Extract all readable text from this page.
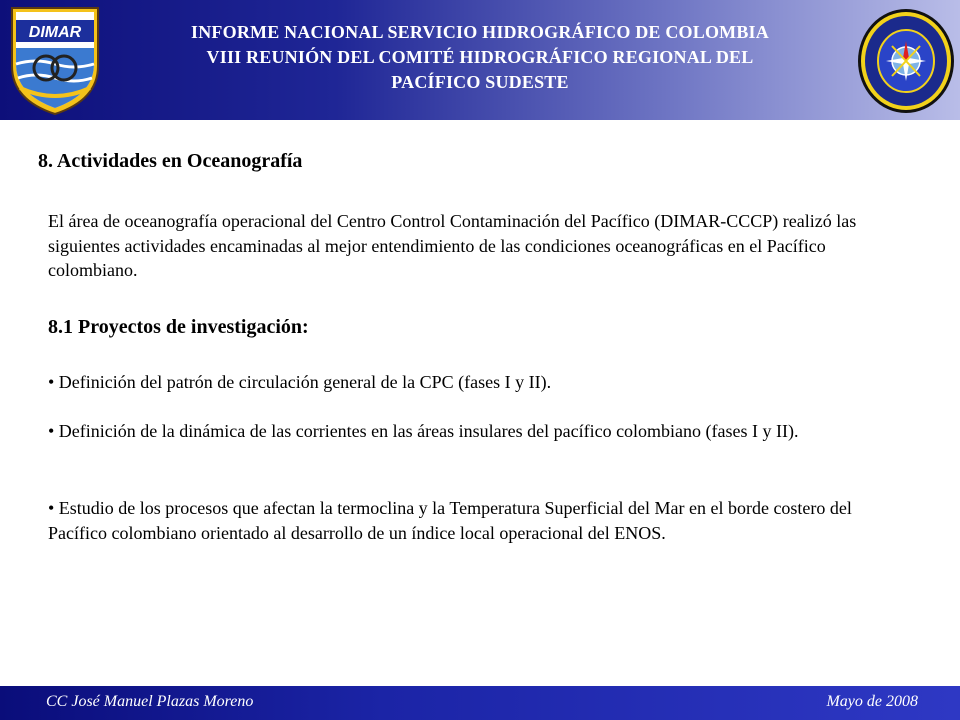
DIMAR	INFORME NACIONAL SERVICIO HIDROGRÁFICO DE COLOMBIA
VIII REUNIÓN DEL COMITÉ HIDROGRÁFICO REGIONAL DEL
PACÍFICO SUDESTE
8. Actividades en Oceanografía
El área de oceanografía operacional del Centro Control Contaminación del Pacífico (DIMAR-CCCP) realizó las siguientes actividades encaminadas al mejor entendimiento de las condiciones oceanográficas en el Pacífico colombiano.
8.1 Proyectos de investigación:
• Definición del patrón de circulación general de la CPC (fases I y II).
• Definición de la dinámica de las corrientes en las áreas insulares del pacífico colombiano (fases I y II).
• Estudio de los procesos que afectan la termoclina y la Temperatura Superficial del Mar en el borde costero del Pacífico colombiano orientado al desarrollo de un índice local operacional del ENOS.
CC José Manuel Plazas Moreno	Mayo de 2008
